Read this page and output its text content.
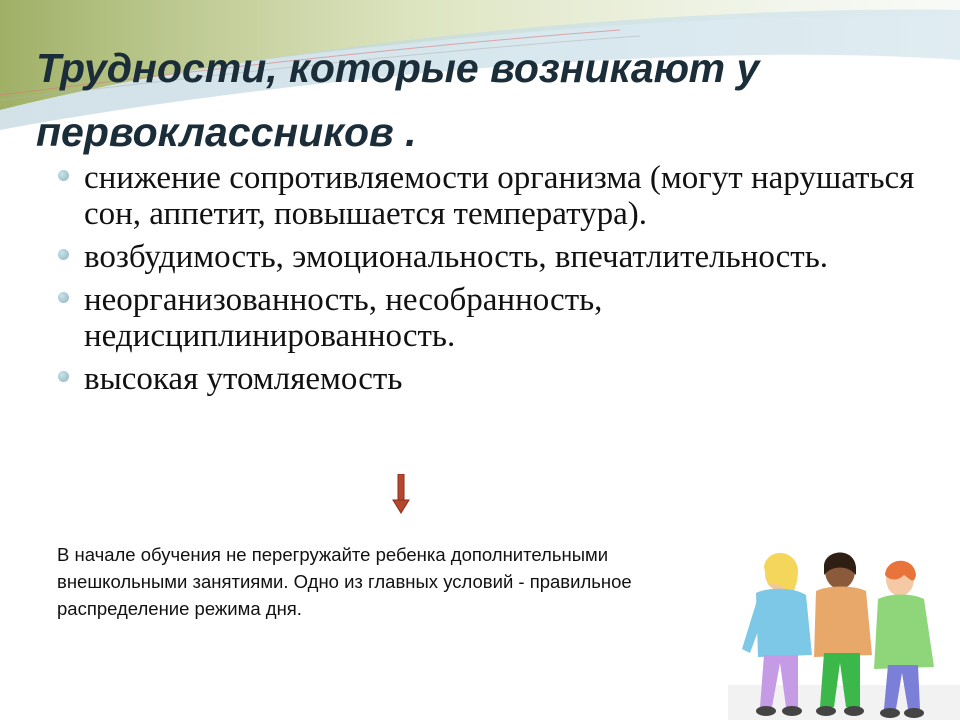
Трудности, которые возникают у первоклассников .
снижение сопротивляемости организма (могут нарушаться сон, аппетит, повышается температура).
возбудимость, эмоциональность, впечатлительность.
неорганизованность, несобранность, недисциплинированность.
высокая утомляемость
В начале обучения не перегружайте ребенка дополнительными внешкольными занятиями. Одно из главных условий - правильное распределение режима дня.
